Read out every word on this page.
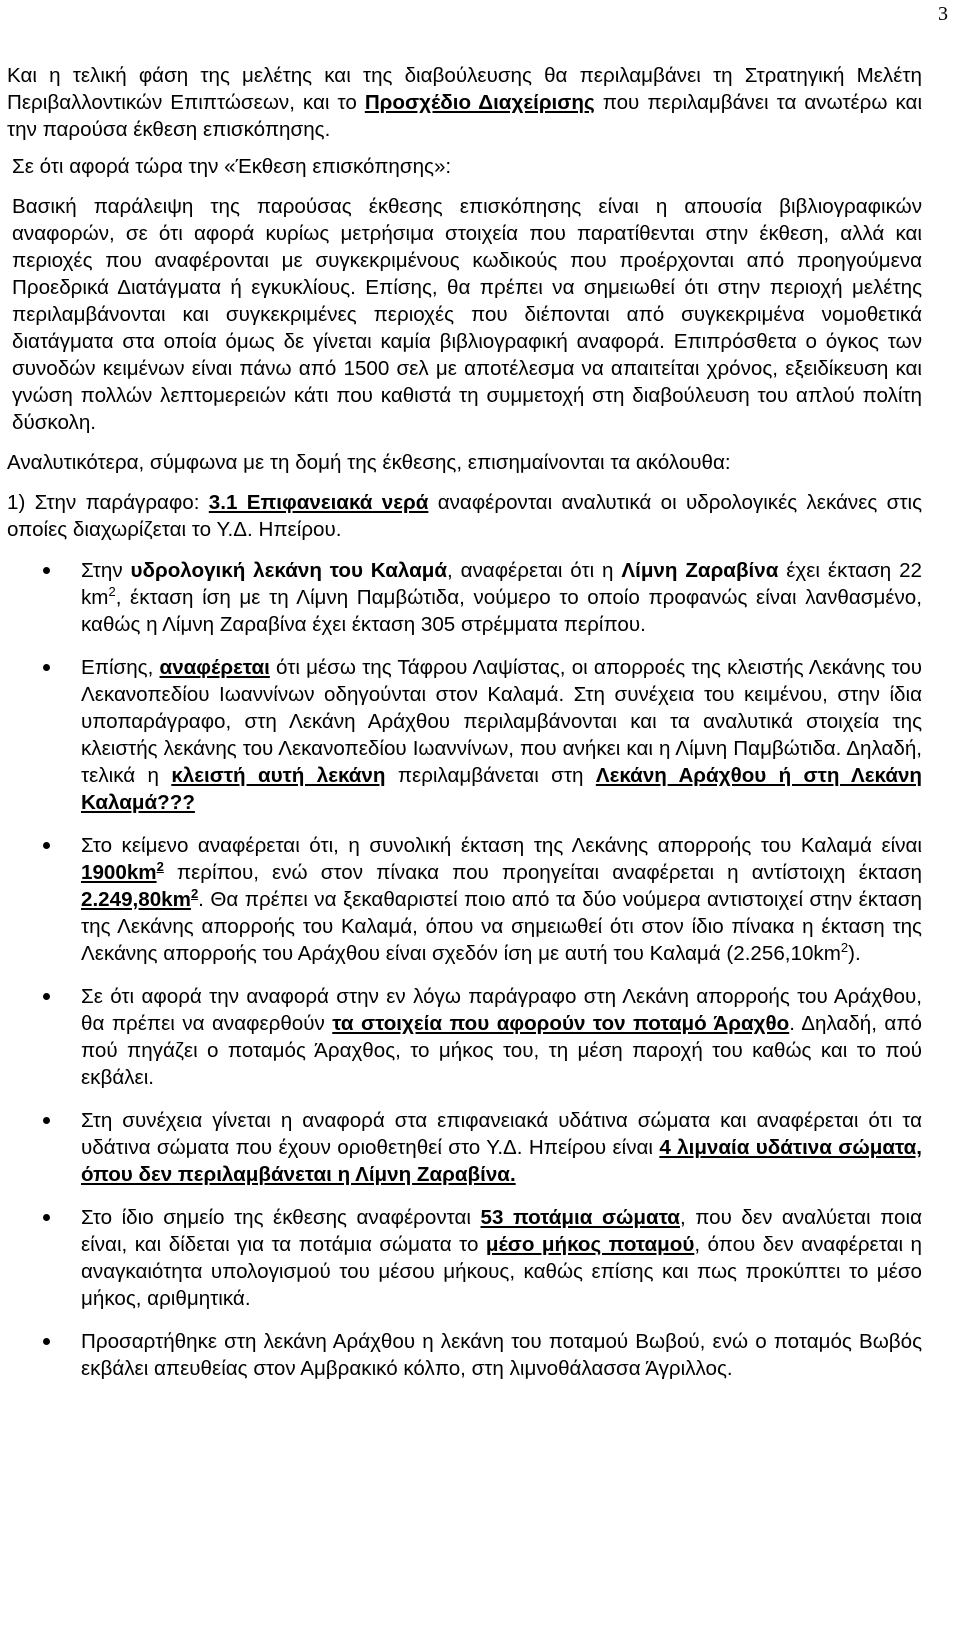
3

Και η τελική φάση της μελέτης και της διαβούλευσης θα περιλαμβάνει τη Στρατηγική Μελέτη Περιβαλλοντικών Επιπτώσεων, και το Προσχέδιο Διαχείρισης που περιλαμβάνει τα ανωτέρω και την παρούσα έκθεση επισκόπησης.

Σε ότι αφορά τώρα την «Έκθεση επισκόπησης»:

Βασική παράλειψη της παρούσας έκθεσης επισκόπησης είναι η απουσία βιβλιογραφικών αναφορών, σε ότι αφορά κυρίως μετρήσιμα στοιχεία που παρατίθενται στην έκθεση, αλλά και περιοχές που αναφέρονται με συγκεκριμένους κωδικούς που προέρχονται από προηγούμενα Προεδρικά Διατάγματα ή εγκυκλίους. Επίσης, θα πρέπει να σημειωθεί ότι στην περιοχή μελέτης περιλαμβάνονται και συγκεκριμένες περιοχές που διέπονται από συγκεκριμένα νομοθετικά διατάγματα στα οποία όμως δε γίνεται καμία βιβλιογραφική αναφορά. Επιπρόσθετα ο όγκος των συνοδών κειμένων είναι πάνω από 1500 σελ με αποτέλεσμα να απαιτείται χρόνος, εξειδίκευση και γνώση πολλών λεπτομερειών κάτι που καθιστά τη συμμετοχή στη διαβούλευση του απλού πολίτη δύσκολη.

Αναλυτικότερα, σύμφωνα με τη δομή της έκθεσης, επισημαίνονται τα ακόλουθα:

1) Στην παράγραφο: 3.1 Επιφανειακά νερά αναφέρονται αναλυτικά οι υδρολογικές λεκάνες στις οποίες διαχωρίζεται το Υ.Δ. Ηπείρου.

Στην υδρολογική λεκάνη του Καλαμά, αναφέρεται ότι η Λίμνη Ζαραβίνα έχει έκταση 22 $km^2$, έκταση ίση με τη Λίμνη Παμβώτιδα, νούμερο το οποίο προφανώς είναι λανθασμένο, καθώς η Λίμνη Ζαραβίνα έχει έκταση 305 στρέμματα περίπου.
Επίσης, αναφέρεται ότι μέσω της Τάφρου Λαψίστας, οι απορροές της κλειστής Λεκάνης του Λεκανοπεδίου Ιωαννίνων οδηγούνται στον Καλαμά. Στη συνέχεια του κειμένου, στην ίδια υποπαράγραφο, στη Λεκάνη Αράχθου περιλαμβάνονται και τα αναλυτικά στοιχεία της κλειστής λεκάνης του Λεκανοπεδίου Ιωαννίνων, που ανήκει και η Λίμνη Παμβώτιδα. Δηλαδή, τελικά η κλειστή αυτή λεκάνη περιλαμβάνεται στη Λεκάνη Αράχθου ή στη Λεκάνη Καλαμά???
Στο κείμενο αναφέρεται ότι, η συνολική έκταση της Λεκάνης απορροής του Καλαμά είναι $1900km^2$ περίπου, ενώ στον πίνακα που προηγείται αναφέρεται η αντίστοιχη έκταση $2.249,80km^2$. Θα πρέπει να ξεκαθαριστεί ποιο από τα δύο νούμερα αντιστοιχεί στην έκταση της Λεκάνης απορροής του Καλαμά, όπου να σημειωθεί ότι στον ίδιο πίνακα η έκταση της Λεκάνης απορροής του Αράχθου είναι σχεδόν ίση με αυτή του Καλαμά $(2.256,10km^2)$.
Σε ότι αφορά την αναφορά στην εν λόγω παράγραφο στη Λεκάνη απορροής του Αράχθου, θα πρέπει να αναφερθούν τα στοιχεία που αφορούν τον ποταμό Άραχθο. Δηλαδή, από πού πηγάζει ο ποταμός Άραχθος, το μήκος του, τη μέση παροχή του καθώς και το πού εκβάλει.
Στη συνέχεια γίνεται η αναφορά στα επιφανειακά υδάτινα σώματα και αναφέρεται ότι τα υδάτινα σώματα που έχουν οριοθετηθεί στο Υ.Δ. Ηπείρου είναι 4 λιμναία υδάτινα σώματα, όπου δεν περιλαμβάνεται η Λίμνη Ζαραβίνα.
Στο ίδιο σημείο της έκθεσης αναφέρονται 53 ποτάμια σώματα, που δεν αναλύεται ποια είναι, και δίδεται για τα ποτάμια σώματα το μέσο μήκος ποταμού, όπου δεν αναφέρεται η αναγκαιότητα υπολογισμού του μέσου μήκους, καθώς επίσης και πως προκύπτει το μέσο μήκος, αριθμητικά.
Προσαρτήθηκε στη λεκάνη Αράχθου η λεκάνη του ποταμού Βωβού, ενώ ο ποταμός Βωβός εκβάλει απευθείας στον Αμβρακικό κόλπο, στη λιμνοθάλασσα Άγριλλος.
